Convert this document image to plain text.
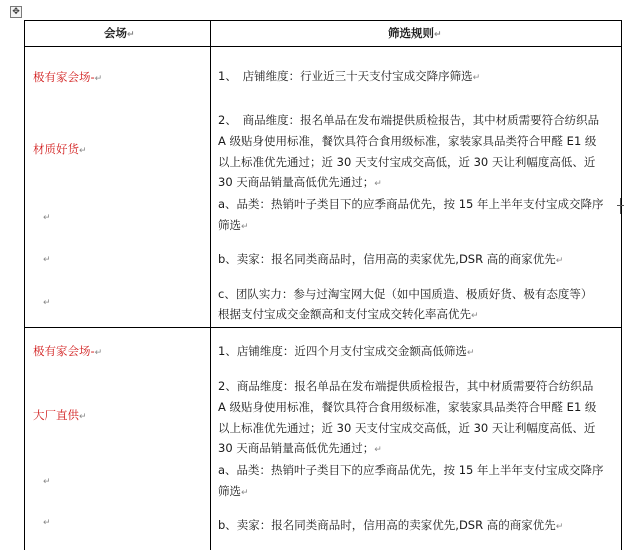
✥
会场↵	筛选规则↵
极有家会场-↵
材质好货↵
↵
↵
↵
1、　店铺维度：行业近三十天支付宝成交降序筛选↵
2、　商品维度：报名单品在发布端提供质检报告，其中材质需要符合纺织品
A 级贴身使用标准，餐饮具符合食用级标准，家装家具品类符合甲醛 E1 级
以上标准优先通过；近 30 天支付宝成交高低，近 30 天让利幅度高低、近
30 天商品销量高低优先通过；↵
a、品类：热销叶子类目下的应季商品优先，按 15 年上半年支付宝成交降序
筛选↵
b、卖家：报名同类商品时，信用高的卖家优先,DSR 高的商家优先↵
c、团队实力：参与过淘宝网大促（如中国质造、极质好货、极有态度等）
根据支付宝成交金额高和支付宝成交转化率高优先↵
极有家会场-↵
大厂直供↵
↵
↵
1、店铺维度：近四个月支付宝成交金额高低筛选↵
2、商品维度：报名单品在发布端提供质检报告，其中材质需要符合纺织品
A 级贴身使用标准，餐饮具符合食用级标准，家装家具品类符合甲醛 E1 级
以上标准优先通过；近 30 天支付宝成交高低，近 30 天让利幅度高低、近
30 天商品销量高低优先通过；↵
a、品类：热销叶子类目下的应季商品优先，按 15 年上半年支付宝成交降序
筛选↵
b、卖家：报名同类商品时，信用高的卖家优先,DSR 高的商家优先↵
